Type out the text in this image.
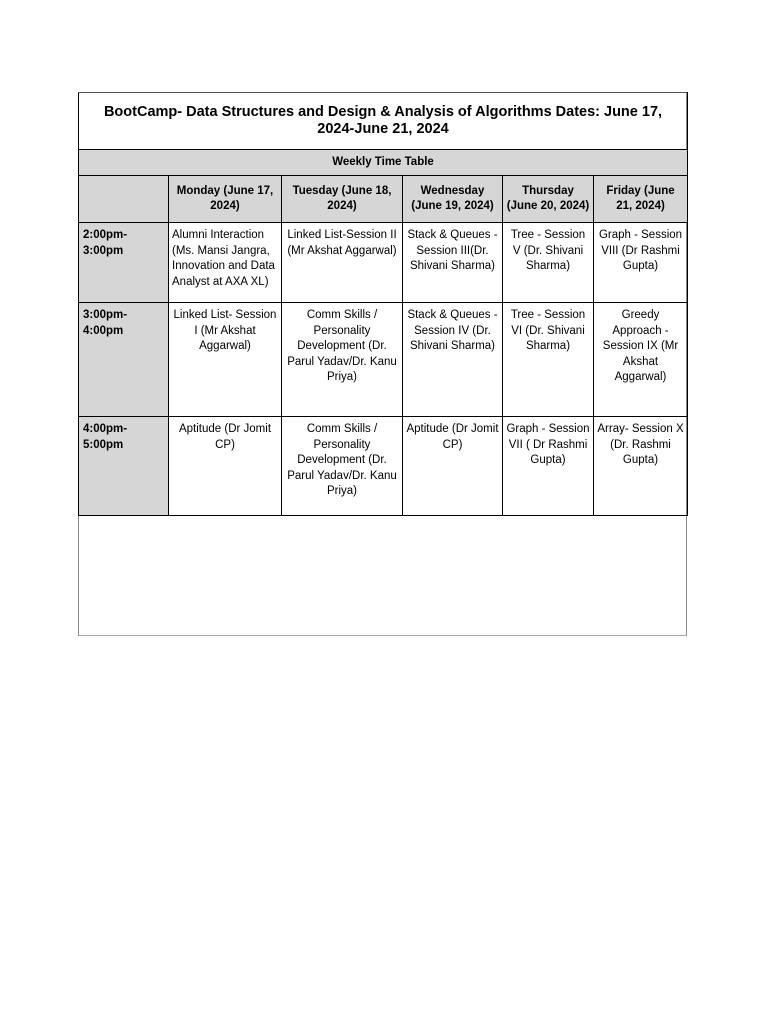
BootCamp- Data Structures and Design & Analysis of Algorithms Dates: June 17, 2024-June 21, 2024					
Weekly Time Table					
	Monday (June 17, 2024)	Tuesday (June 18, 2024)	Wednesday (June 19, 2024)	Thursday (June 20, 2024)	Friday (June 21, 2024)
2:00pm-3:00pm	Alumni Interaction (Ms. Mansi Jangra, Innovation and Data Analyst at AXA XL)	Linked List-Session II (Mr Akshat Aggarwal)	Stack & Queues - Session III(Dr. Shivani Sharma)	Tree - Session V (Dr. Shivani Sharma)	Graph - Session VIII (Dr Rashmi Gupta)
3:00pm-4:00pm	Linked List- Session I (Mr Akshat Aggarwal)	Comm Skills / Personality Development (Dr. Parul Yadav/Dr. Kanu Priya)	Stack & Queues - Session IV (Dr. Shivani Sharma)	Tree - Session VI (Dr. Shivani Sharma)	Greedy Approach - Session IX (Mr Akshat Aggarwal)
4:00pm-5:00pm	Aptitude (Dr Jomit CP)	Comm Skills / Personality Development (Dr. Parul Yadav/Dr. Kanu Priya)	Aptitude (Dr Jomit CP)	Graph - Session VII ( Dr Rashmi Gupta)	Array- Session X (Dr. Rashmi Gupta)
